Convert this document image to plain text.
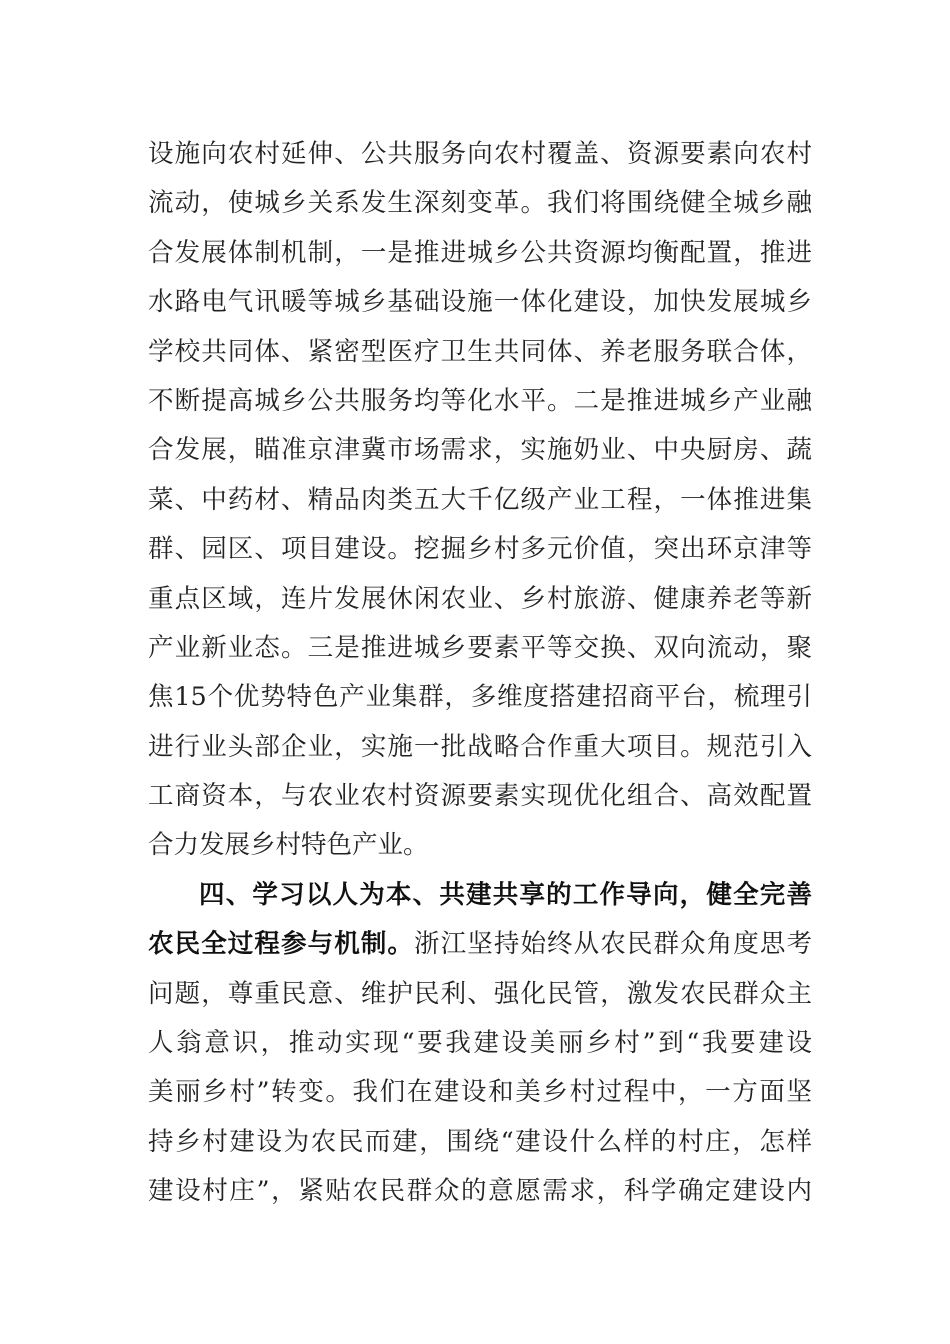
设施向农村延伸、公共服务向农村覆盖、资源要素向农村
流动，使城乡关系发生深刻变革。我们将围绕健全城乡融
合发展体制机制，一是推进城乡公共资源均衡配置，推进
水路电气讯暖等城乡基础设施一体化建设，加快发展城乡
学校共同体、紧密型医疗卫生共同体、养老服务联合体，
不断提高城乡公共服务均等化水平。二是推进城乡产业融
合发展，瞄准京津冀市场需求，实施奶业、中央厨房、蔬
菜、中药材、精品肉类五大千亿级产业工程，一体推进集
群、园区、项目建设。挖掘乡村多元价值，突出环京津等
重点区域，连片发展休闲农业、乡村旅游、健康养老等新
产业新业态。三是推进城乡要素平等交换、双向流动，聚
焦15个优势特色产业集群，多维度搭建招商平台，梳理引
进行业头部企业，实施一批战略合作重大项目。规范引入
工商资本，与农业农村资源要素实现优化组合、高效配置
合力发展乡村特色产业。
四、学习以人为本、共建共享的工作导向，健全完善
农民全过程参与机制。浙江坚持始终从农民群众角度思考
问题，尊重民意、维护民利、强化民管，激发农民群众主
人翁意识，推动实现“要我建设美丽乡村”到“我要建设
美丽乡村”转变。我们在建设和美乡村过程中，一方面坚
持乡村建设为农民而建，围绕“建设什么样的村庄，怎样
建设村庄”，紧贴农民群众的意愿需求，科学确定建设内
